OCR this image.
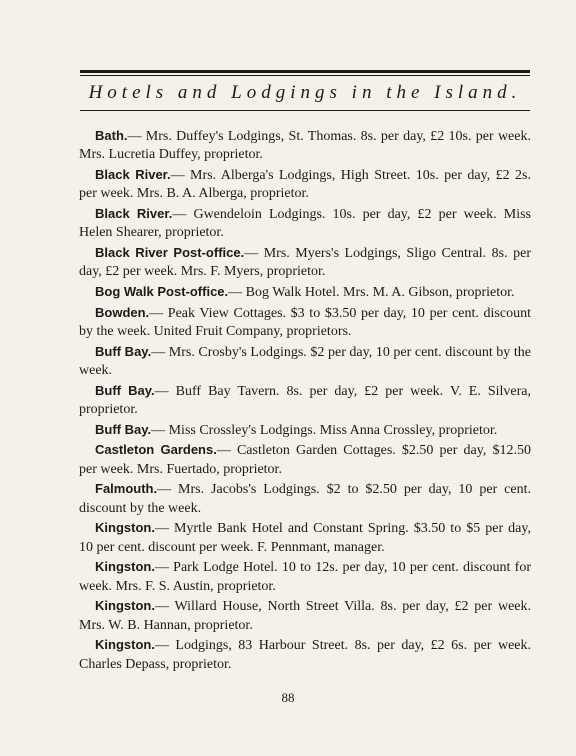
Hotels and Lodgings in the Island.

Bath.— Mrs. Duffey's Lodgings, St. Thomas. 8s. per day, £2 10s. per week. Mrs. Lucretia Duffey, proprietor.

Black River.— Mrs. Alberga's Lodgings, High Street. 10s. per day, £2 2s. per week. Mrs. B. A. Alberga, proprietor.

Black River.— Gwendeloin Lodgings. 10s. per day, £2 per week. Miss Helen Shearer, proprietor.

Black River Post-office.— Mrs. Myers's Lodgings, Sligo Central. 8s. per day, £2 per week. Mrs. F. Myers, proprietor.

Bog Walk Post-office.— Bog Walk Hotel. Mrs. M. A. Gibson, proprietor.

Bowden.— Peak View Cottages. $3 to $3.50 per day, 10 per cent. discount by the week. United Fruit Company, proprietors.

Buff Bay.— Mrs. Crosby's Lodgings. $2 per day, 10 per cent. discount by the week.

Buff Bay.— Buff Bay Tavern. 8s. per day, £2 per week. V. E. Silvera, proprietor.

Buff Bay.— Miss Crossley's Lodgings. Miss Anna Crossley, proprietor.

Castleton Gardens.— Castleton Garden Cottages. $2.50 per day, $12.50 per week. Mrs. Fuertado, proprietor.

Falmouth.— Mrs. Jacobs's Lodgings. $2 to $2.50 per day, 10 per cent. discount by the week.

Kingston.— Myrtle Bank Hotel and Constant Spring. $3.50 to $5 per day, 10 per cent. discount per week. F. Pennmant, manager.

Kingston.— Park Lodge Hotel. 10 to 12s. per day, 10 per cent. discount for week. Mrs. F. S. Austin, proprietor.

Kingston.— Willard House, North Street Villa. 8s. per day, £2 per week. Mrs. W. B. Hannan, proprietor.

Kingston.— Lodgings, 83 Harbour Street. 8s. per day, £2 6s. per week. Charles Depass, proprietor.

88
